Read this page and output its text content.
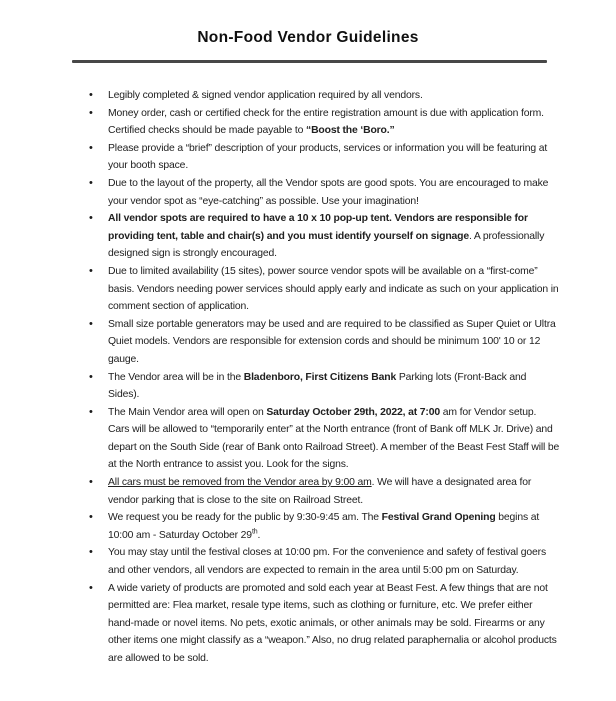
Non-Food Vendor Guidelines
• Legibly completed & signed vendor application required by all vendors.
• Money order, cash or certified check for the entire registration amount is due with application form. Certified checks should be made payable to “Boost the ‘Boro.”
• Please provide a “brief” description of your products, services or information you will be featuring at your booth space.
• Due to the layout of the property, all the Vendor spots are good spots. You are encouraged to make your vendor spot as “eye-catching” as possible. Use your imagination!
• All vendor spots are required to have a 10 x 10 pop-up tent. Vendors are responsible for providing tent, table and chair(s) and you must identify yourself on signage. A professionally designed sign is strongly encouraged.
• Due to limited availability (15 sites), power source vendor spots will be available on a “first-come” basis. Vendors needing power services should apply early and indicate as such on your application in comment section of application.
• Small size portable generators may be used and are required to be classified as Super Quiet or Ultra Quiet models. Vendors are responsible for extension cords and should be minimum 100' 10 or 12 gauge.
• The Vendor area will be in the Bladenboro, First Citizens Bank Parking lots (Front-Back and Sides).
• The Main Vendor area will open on Saturday October 29th, 2022, at 7:00 am for Vendor setup. Cars will be allowed to “temporarily enter” at the North entrance (front of Bank off MLK Jr. Drive) and depart on the South Side (rear of Bank onto Railroad Street). A member of the Beast Fest Staff will be at the North entrance to assist you. Look for the signs.
• All cars must be removed from the Vendor area by 9:00 am. We will have a designated area for vendor parking that is close to the site on Railroad Street.
• We request you be ready for the public by 9:30-9:45 am. The Festival Grand Opening begins at 10:00 am - Saturday October 29th.
• You may stay until the festival closes at 10:00 pm. For the convenience and safety of festival goers and other vendors, all vendors are expected to remain in the area until 5:00 pm on Saturday.
• A wide variety of products are promoted and sold each year at Beast Fest. A few things that are not permitted are: Flea market, resale type items, such as clothing or furniture, etc. We prefer either hand-made or novel items. No pets, exotic animals, or other animals may be sold. Firearms or any other items one might classify as a “weapon.” Also, no drug related paraphernalia or alcohol products are allowed to be sold.
